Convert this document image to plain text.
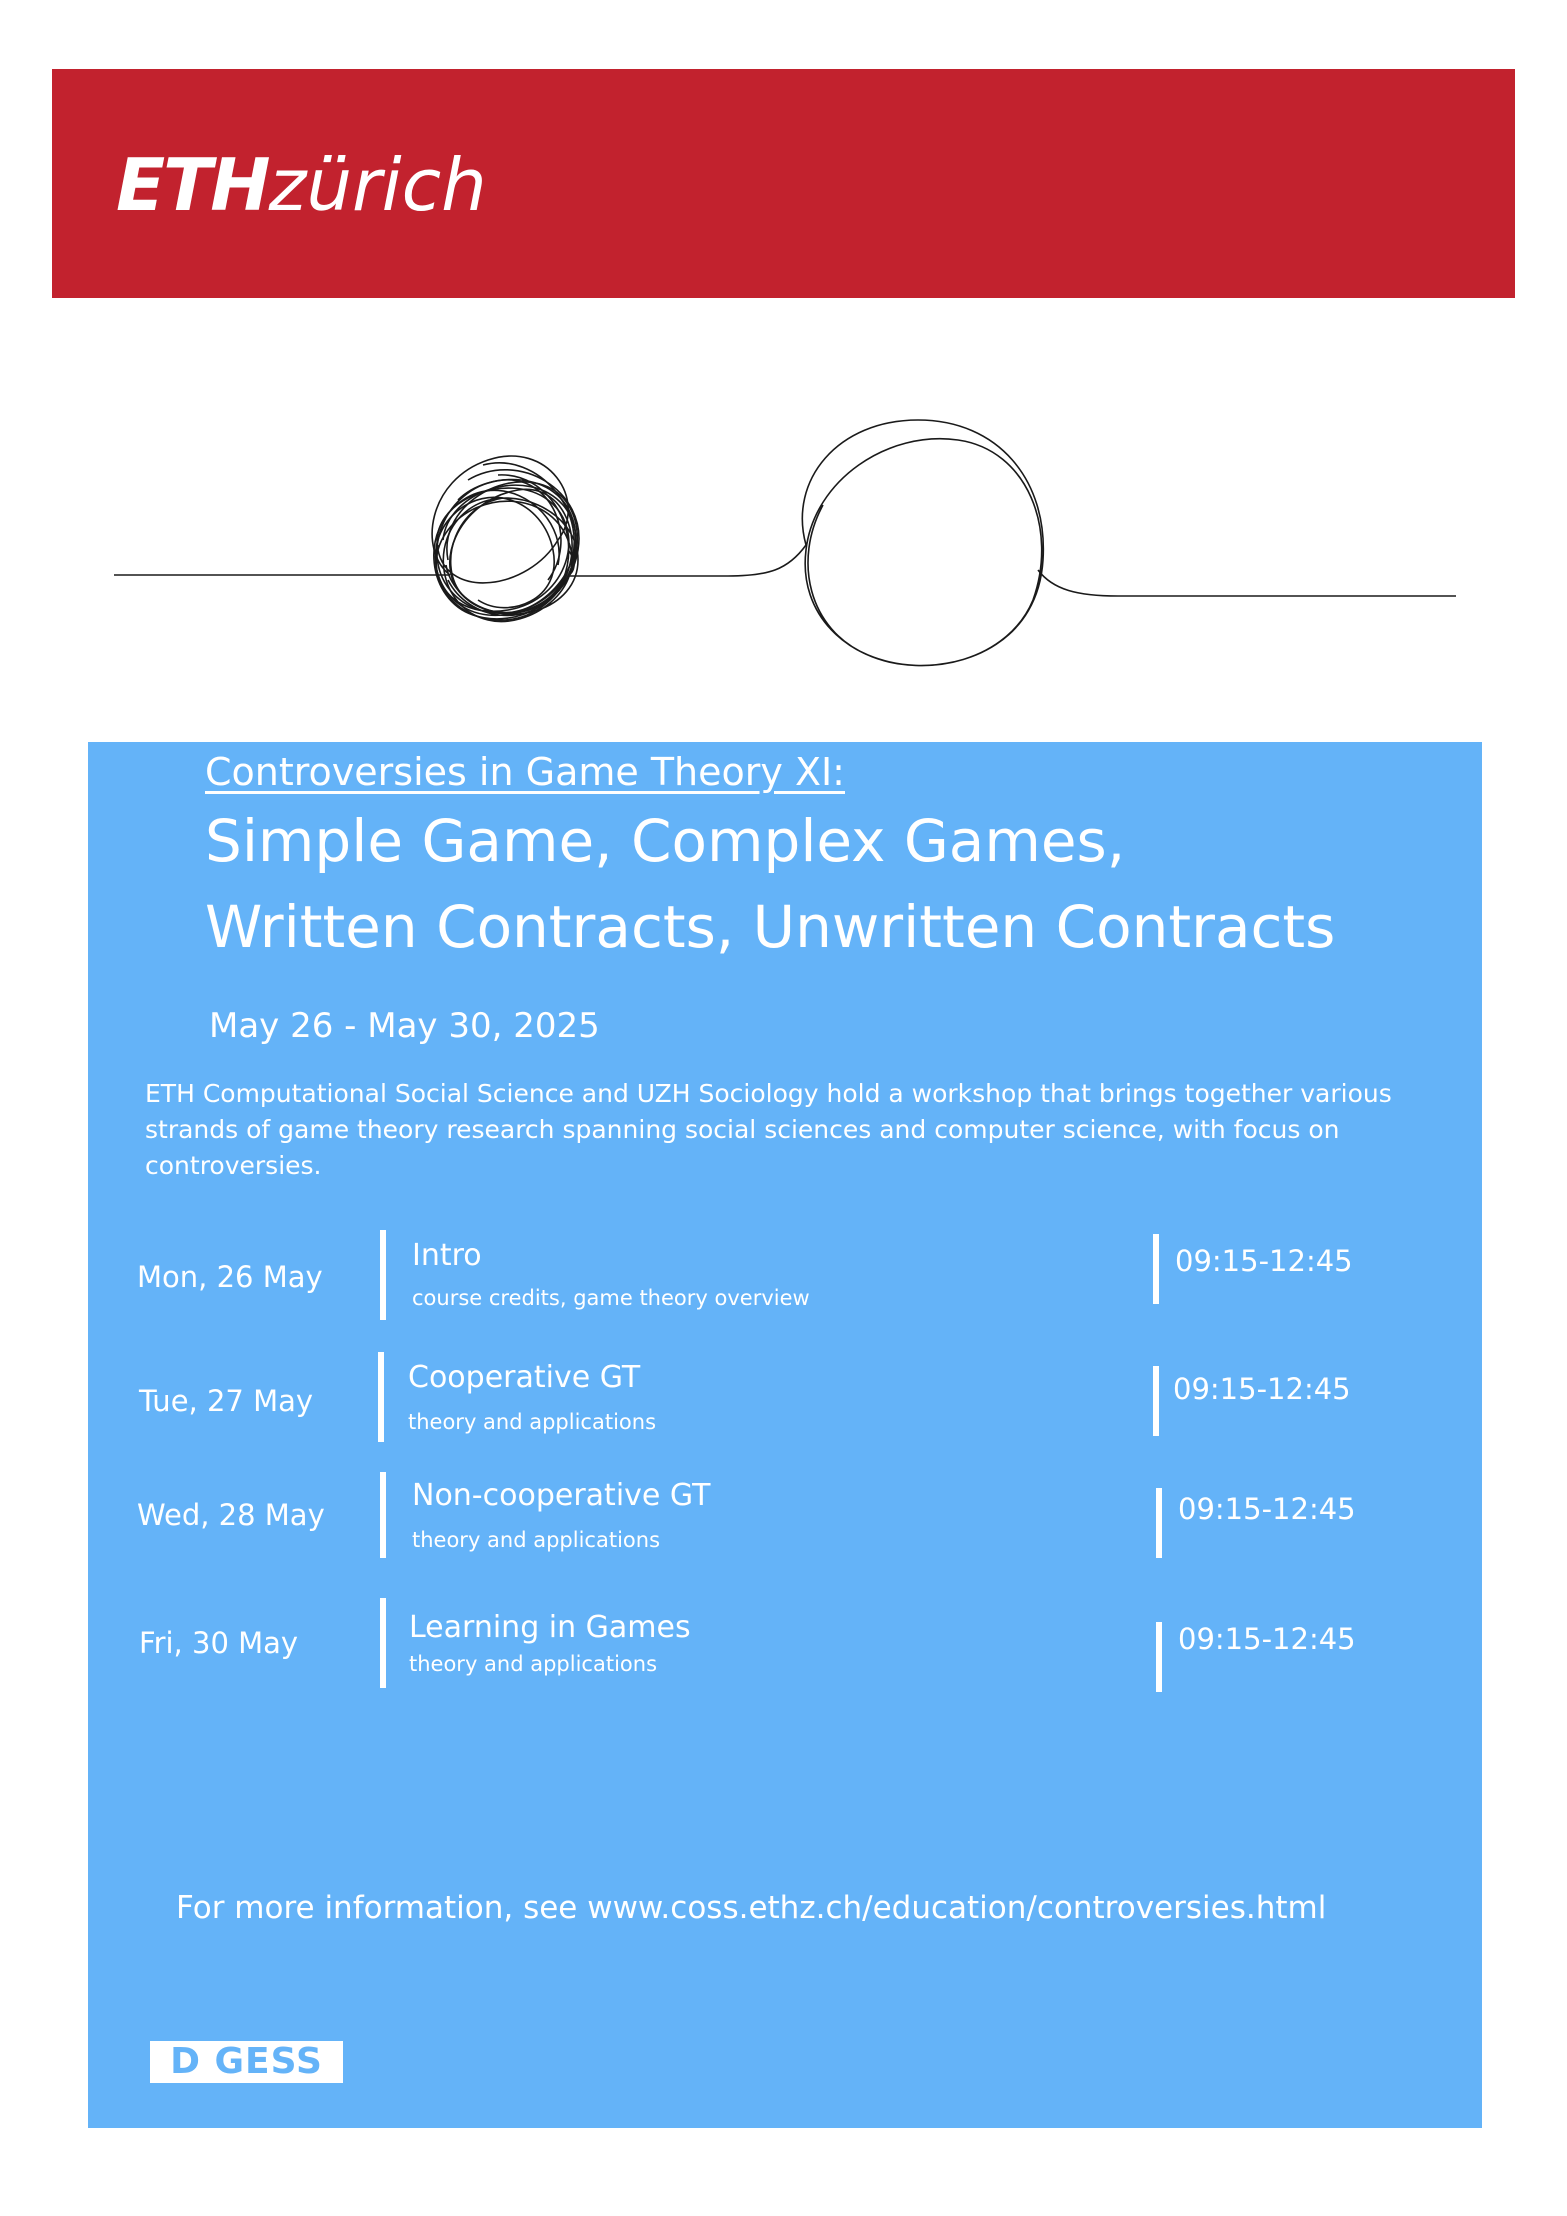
ETHzürich
Controversies in Game Theory XI:
Simple Game, Complex Games,
Written Contracts, Unwritten Contracts
May 26 - May 30, 2025
ETH Computational Social Science and UZH Sociology hold a workshop that brings together various strands of game theory research spanning social sciences and computer science, with focus on controversies.
Mon, 26 May
Intro
course credits, game theory overview
09:15-12:45
Tue, 27 May
Cooperative GT
theory and applications
09:15-12:45
Wed, 28 May
Non-cooperative GT
theory and applications
09:15-12:45
Fri, 30 May	Learning in Games
theory and applications
09:15-12:45
For more information, see www.coss.ethz.ch/education/controversies.html
D GESS
